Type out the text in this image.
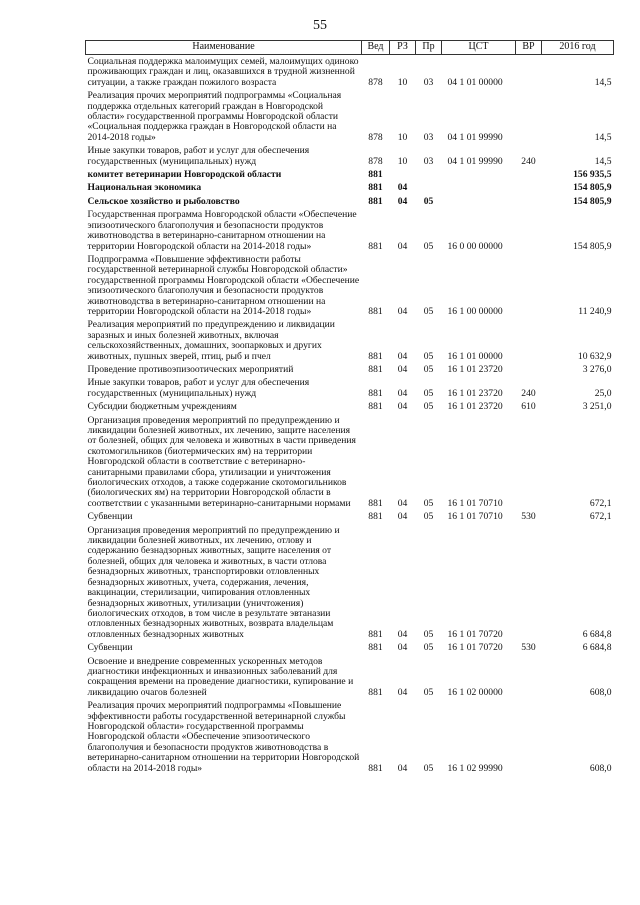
55
Наименование	Вед	РЗ	Пр	ЦСТ	ВР	2016 год
Социальная поддержка малоимущих семей, малоимущих одиноко проживающих граждан и лиц, оказавшихся в трудной жизненной ситуации, а также граждан пожилого возраста	878	10	03	04 1 01 00000		14,5
Реализация прочих мероприятий подпрограммы «Социальная поддержка отдельных категорий граждан в Новгородской области» государственной программы Новгородской области «Социальная поддержка граждан в Новгородской области на 2014-2018 годы»	878	10	03	04 1 01 99990		14,5
Иные закупки товаров, работ и услуг для обеспечения государственных (муниципальных) нужд	878	10	03	04 1 01 99990	240	14,5
комитет ветеринарии Новгородской области	881					156 935,5
Национальная экономика	881	04				154 805,9
Сельское хозяйство и рыболовство	881	04	05			154 805,9
Государственная программа Новгородской области «Обеспечение эпизоотического благополучия и безопасности продуктов животноводства в ветеринарно-санитарном отношении на территории Новгородской области на 2014-2018 годы»	881	04	05	16 0 00 00000		154 805,9
Подпрограмма «Повышение эффективности работы государственной ветеринарной службы Новгородской области» государственной программы Новгородской области «Обеспечение эпизоотического благополучия и безопасности продуктов животноводства в ветеринарно-санитарном отношении на территории Новгородской области на 2014-2018 годы»	881	04	05	16 1 00 00000		11 240,9
Реализация мероприятий по предупреждению и ликвидации заразных и иных болезней животных, включая сельскохозяйственных, домашних, зоопарковых и других животных, пушных зверей, птиц, рыб и пчел	881	04	05	16 1 01 00000		10 632,9
Проведение противоэпизоотических мероприятий	881	04	05	16 1 01 23720		3 276,0
Иные закупки товаров, работ и услуг для обеспечения государственных (муниципальных) нужд	881	04	05	16 1 01 23720	240	25,0
Субсидии бюджетным учреждениям	881	04	05	16 1 01 23720	610	3 251,0
Организация проведения мероприятий по предупреждению и ликвидации болезней животных, их лечению, защите населения от болезней, общих для человека и животных в части приведения скотомогильников (биотермических ям) на территории Новгородской области в соответствие с ветеринарно-санитарными правилами сбора, утилизации и уничтожения биологических отходов, а также содержание скотомогильников (биологических ям) на территории Новгородской области в соответствии с указанными ветеринарно-санитарными нормами	881	04	05	16 1 01 70710		672,1
Субвенции	881	04	05	16 1 01 70710	530	672,1
Организация проведения мероприятий по предупреждению и ликвидации болезней животных, их лечению, отлову и содержанию безнадзорных животных, защите населения от болезней, общих для человека и животных, в части отлова безнадзорных животных, транспортировки отловленных безнадзорных животных, учета, содержания, лечения, вакцинации, стерилизации, чипирования отловленных безнадзорных животных, утилизации (уничтожения) биологических отходов, в том числе в результате эвтаназии отловленных безнадзорных животных, возврата владельцам отловленных безнадзорных животных	881	04	05	16 1 01 70720		6 684,8
Субвенции	881	04	05	16 1 01 70720	530	6 684,8
Освоение и внедрение современных ускоренных методов диагностики инфекционных и инвазионных заболеваний для сокращения времени на проведение диагностики, купирование и ликвидацию очагов болезней	881	04	05	16 1 02 00000		608,0
Реализация прочих мероприятий подпрограммы «Повышение эффективности работы государственной ветеринарной службы Новгородской области» государственной программы Новгородской области «Обеспечение эпизоотического благополучия и безопасности продуктов животноводства в ветеринарно-санитарном отношении на территории Новгородской области на 2014-2018 годы»	881	04	05	16 1 02 99990		608,0
